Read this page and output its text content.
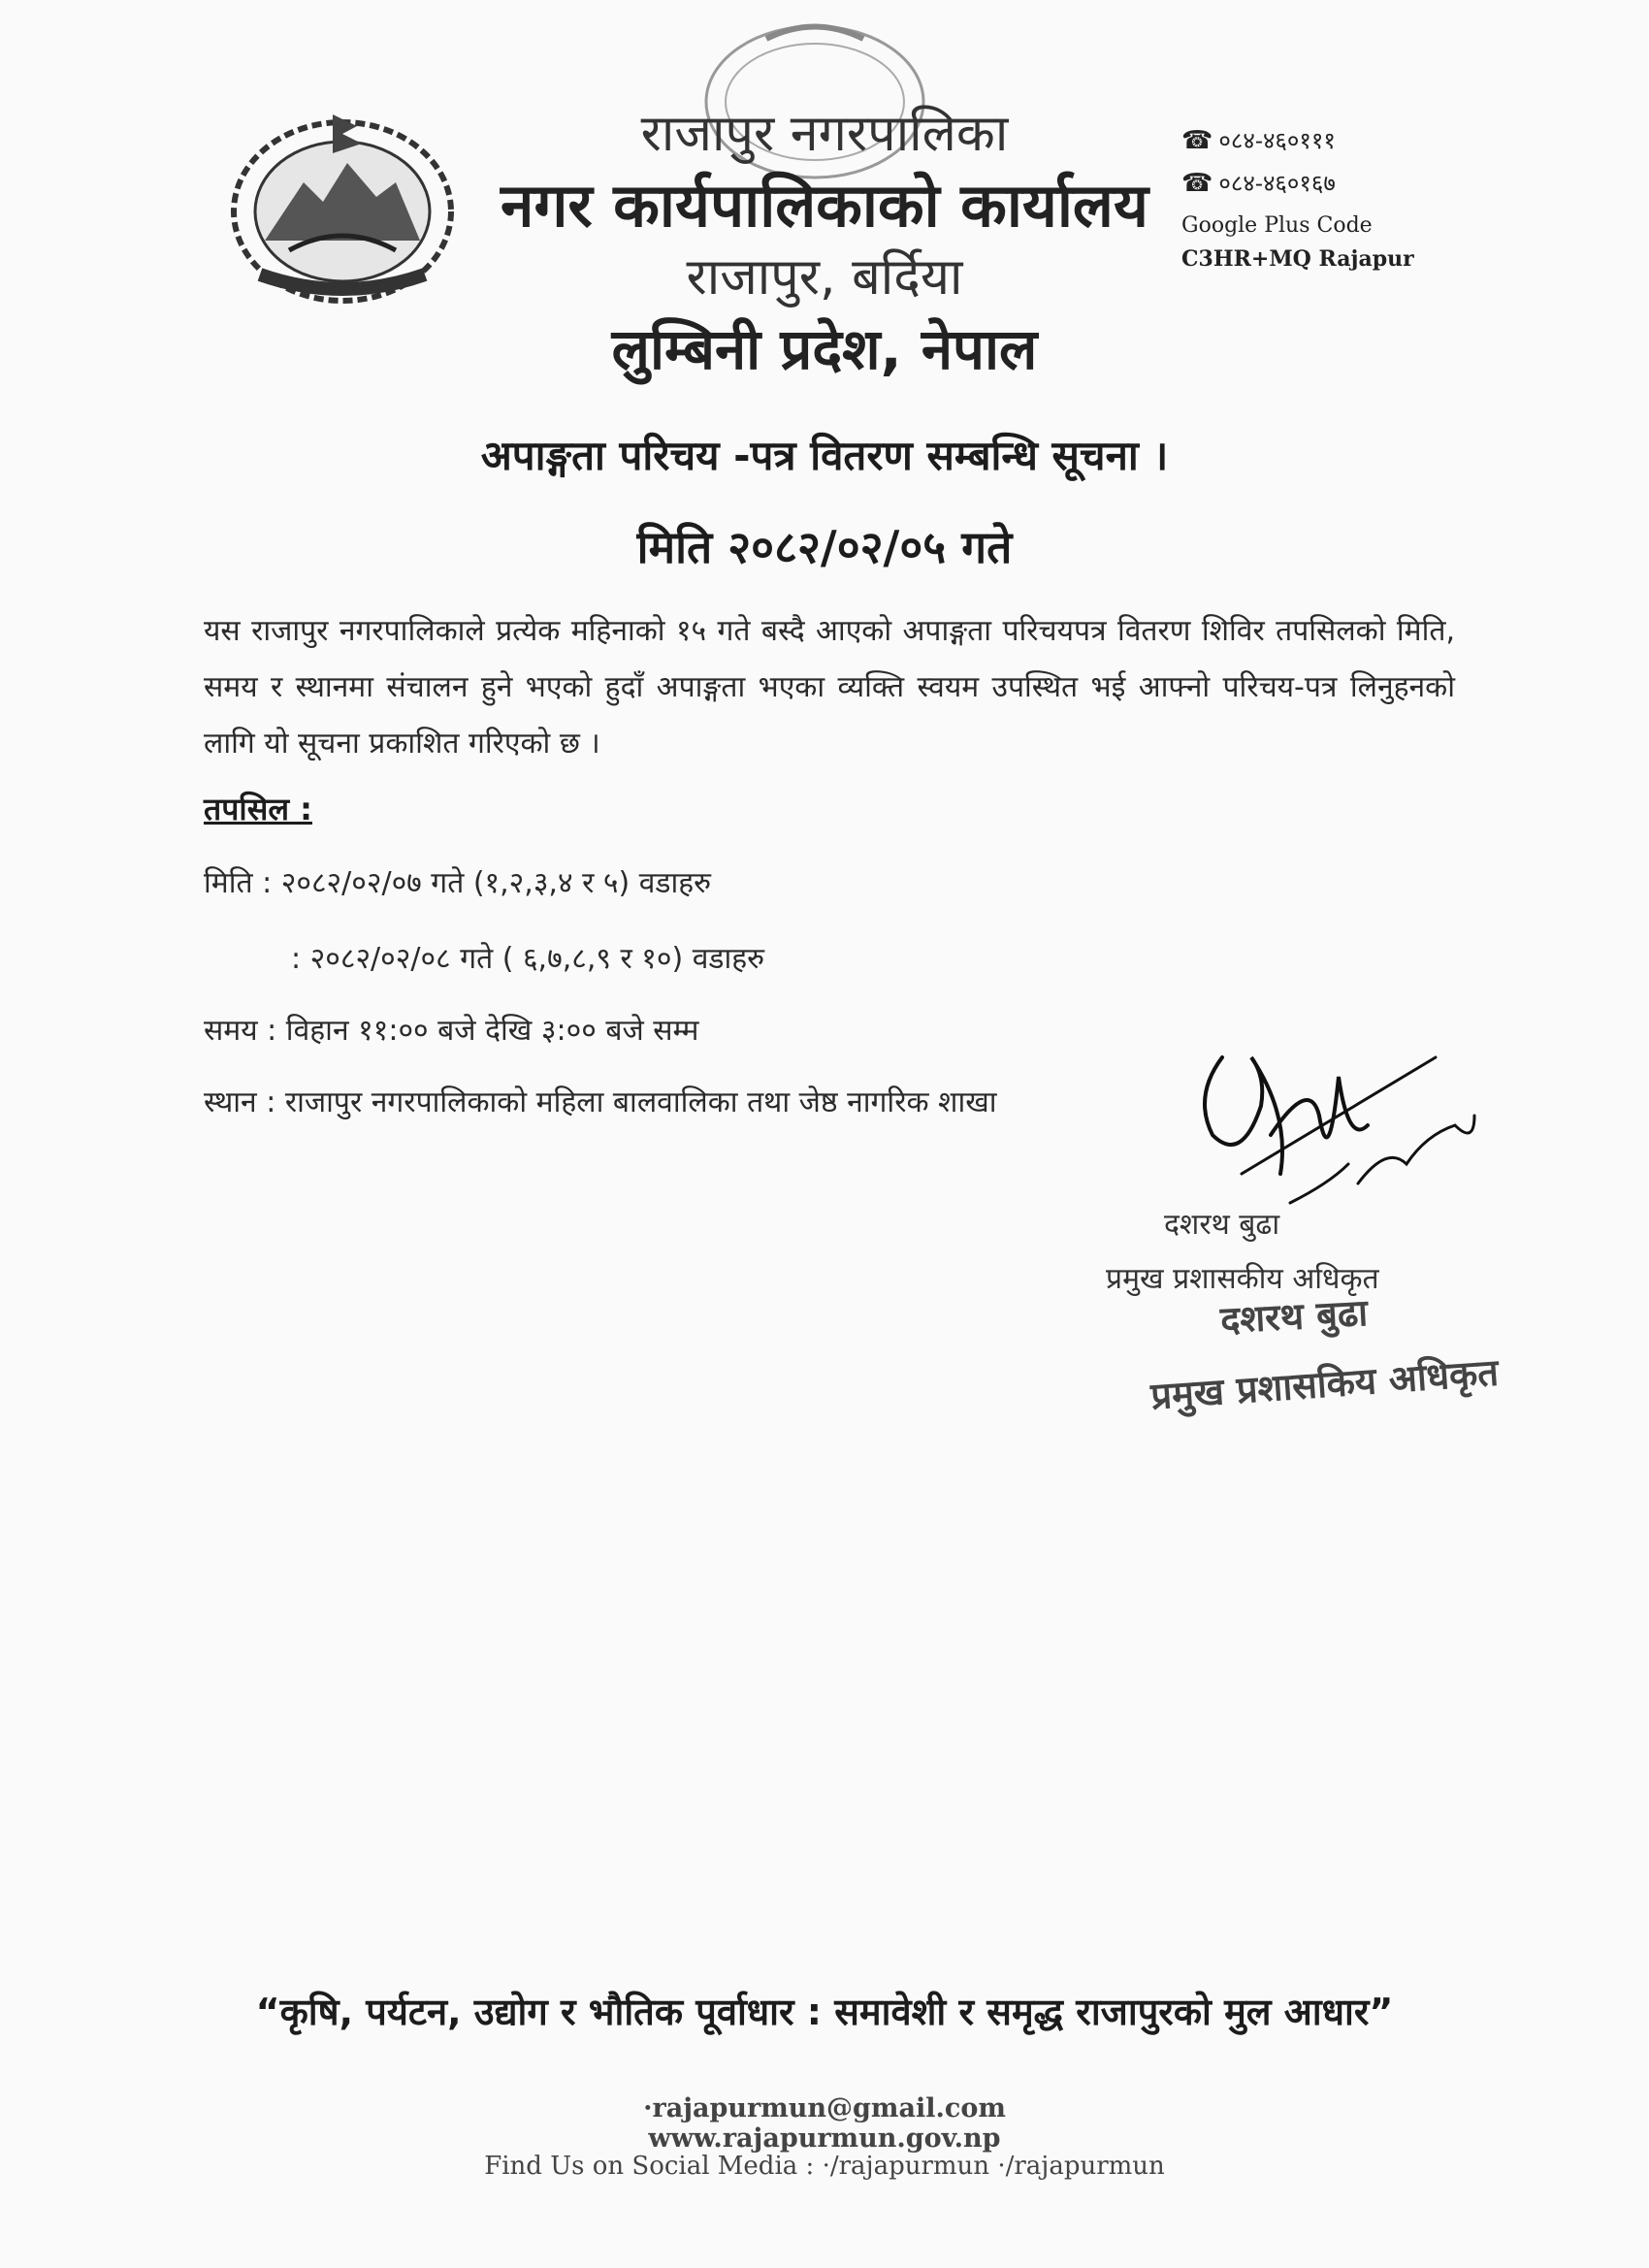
राजापुर नगरपालिका
नगर कार्यपालिकाको कार्यालय
राजापुर, बर्दिया
लुम्बिनी प्रदेश, नेपाल
☎ ०८४-४६०१११
☎ ०८४-४६०१६७
Google Plus Code
C3HR+MQ Rajapur
अपाङ्गता परिचय -पत्र वितरण सम्बन्धि सूचना ।
मिति २०८२/०२/०५ गते
यस राजापुर नगरपालिकाले प्रत्येक महिनाको १५ गते बस्दै आएको अपाङ्गता परिचयपत्र वितरण शिविर तपसिलको मिति, समय र स्थानमा संचालन हुने भएको हुदाँ अपाङ्गता भएका व्यक्ति स्वयम उपस्थित भई आफ्नो परिचय-पत्र लिनुहनको लागि यो सूचना प्रकाशित गरिएको छ ।
तपसिल :
मिति : २०८२/०२/०७ गते (१,२,३,४ र ५) वडाहरु
: २०८२/०२/०८ गते ( ६,७,८,९ र १०) वडाहरु
समय : विहान ११:०० बजे देखि ३:०० बजे सम्म
स्थान : राजापुर नगरपालिकाको महिला बालवालिका तथा जेष्ठ नागरिक शाखा
दशरथ बुढा
प्रमुख प्रशासकीय अधिकृत
दशरथ बुढा
प्रमुख प्रशासकिय अधिकृत
“कृषि, पर्यटन, उद्योग र भौतिक पूर्वाधार : समावेशी र समृद्ध राजापुरको मुल आधार”
·rajapurmun@gmail.com www.rajapurmun.gov.np
Find Us on Social Media : ·/rajapurmun ·/rajapurmun
